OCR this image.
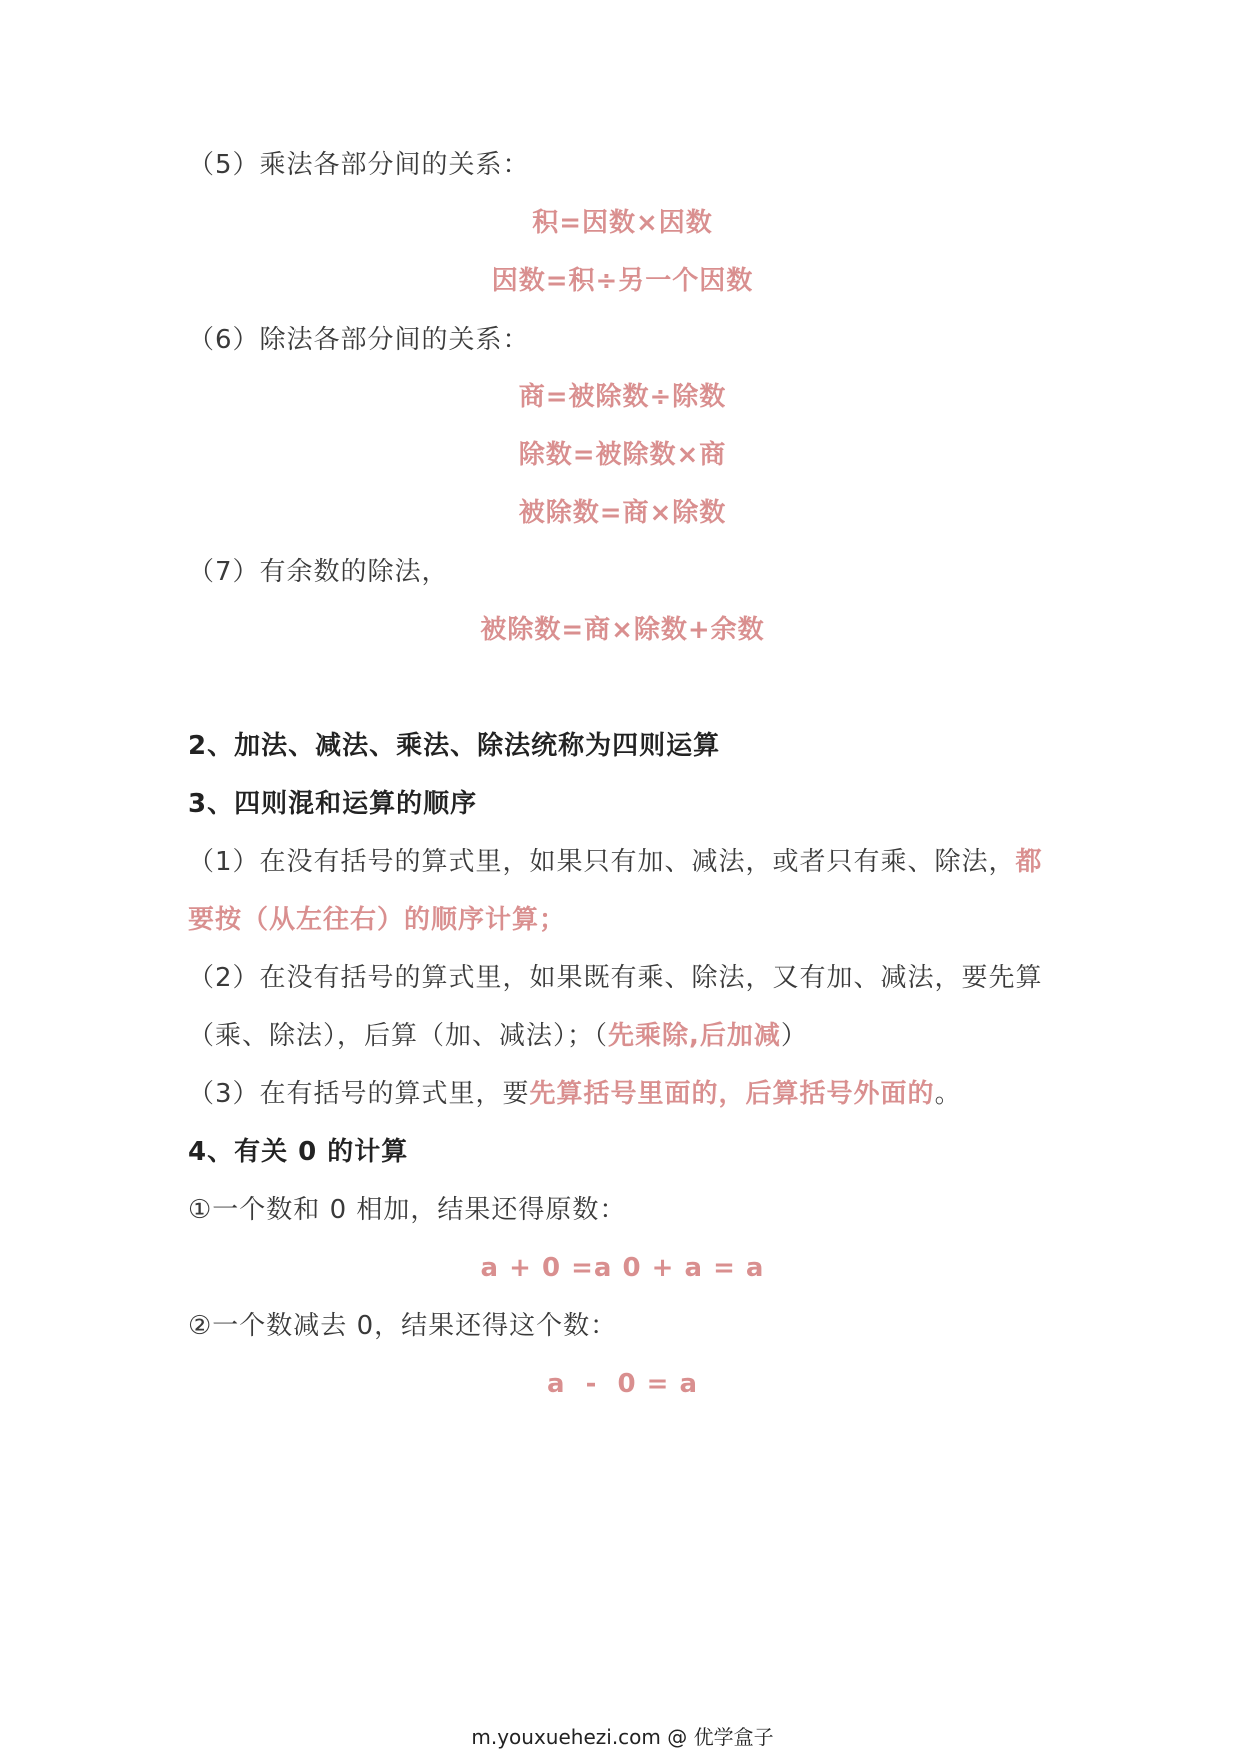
（5）乘法各部分间的关系：
积=因数×因数
因数=积÷另一个因数
（6）除法各部分间的关系：
商=被除数÷除数
除数=被除数×商
被除数=商×除数
（7）有余数的除法，
被除数=商×除数+余数
2、加法、减法、乘法、除法统称为四则运算
3、四则混和运算的顺序
（1）在没有括号的算式里，如果只有加、减法，或者只有乘、除法，都
要按（从左往右）的顺序计算；
（2）在没有括号的算式里，如果既有乘、除法，又有加、减法，要先算
（乘、除法），后算（加、减法）；（先乘除,后加减）
（3）在有括号的算式里，要先算括号里面的，后算括号外面的。
4、有关 0 的计算
①一个数和 0 相加，结果还得原数：
a + 0 =a 0 + a = a
②一个数减去 0，结果还得这个数：
a  -  0 = a
m.youxuehezi.com @ 优学盒子
